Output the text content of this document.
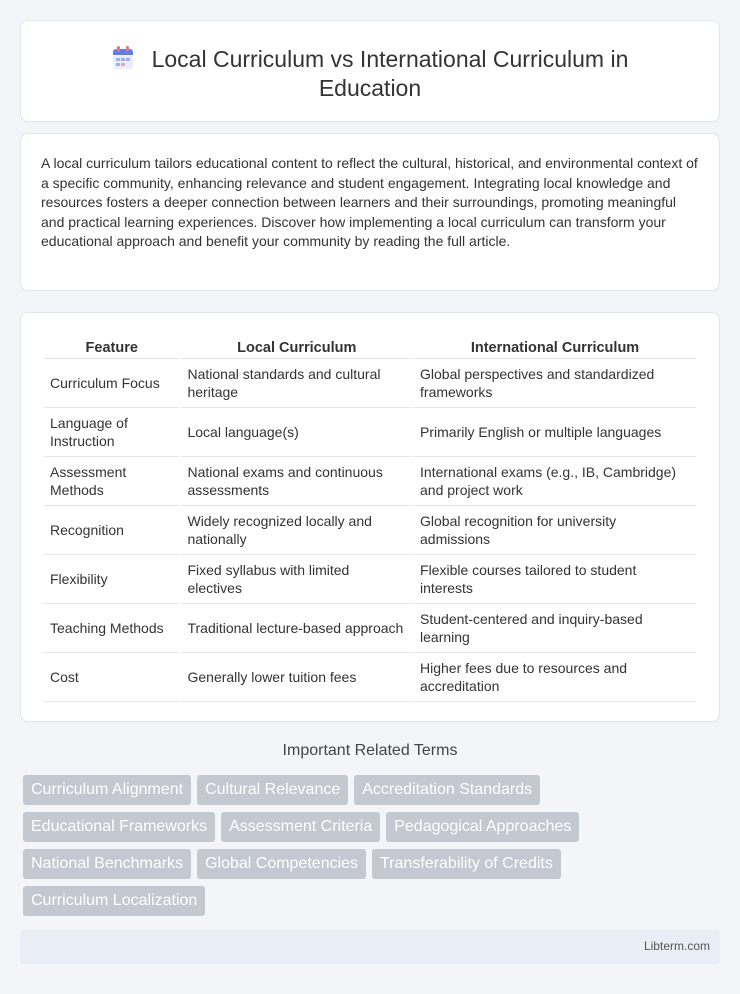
Local Curriculum vs International Curriculum in
Education

A local curriculum tailors educational content to reflect the cultural, historical, and environmental context of a specific community, enhancing relevance and student engagement. Integrating local knowledge and resources fosters a deeper connection between learners and their surroundings, promoting meaningful and practical learning experiences. Discover how implementing a local curriculum can transform your educational approach and benefit your community by reading the full article.

Feature	Local Curriculum	International Curriculum
Curriculum Focus	National standards and cultural heritage	Global perspectives and standardized frameworks
Language of Instruction	Local language(s)	Primarily English or multiple languages
Assessment Methods	National exams and continuous assessments	International exams (e.g., IB, Cambridge) and project work
Recognition	Widely recognized locally and nationally	Global recognition for university admissions
Flexibility	Fixed syllabus with limited electives	Flexible courses tailored to student interests
Teaching Methods	Traditional lecture-based approach	Student-centered and inquiry-based learning
Cost	Generally lower tuition fees	Higher fees due to resources and accreditation
Important Related Terms
Curriculum Alignment	Cultural Relevance	Accreditation Standards
Educational Frameworks	Assessment Criteria	Pedagogical Approaches
National Benchmarks	Global Competencies	Transferability of Credits
Curriculum Localization
Libterm.com
